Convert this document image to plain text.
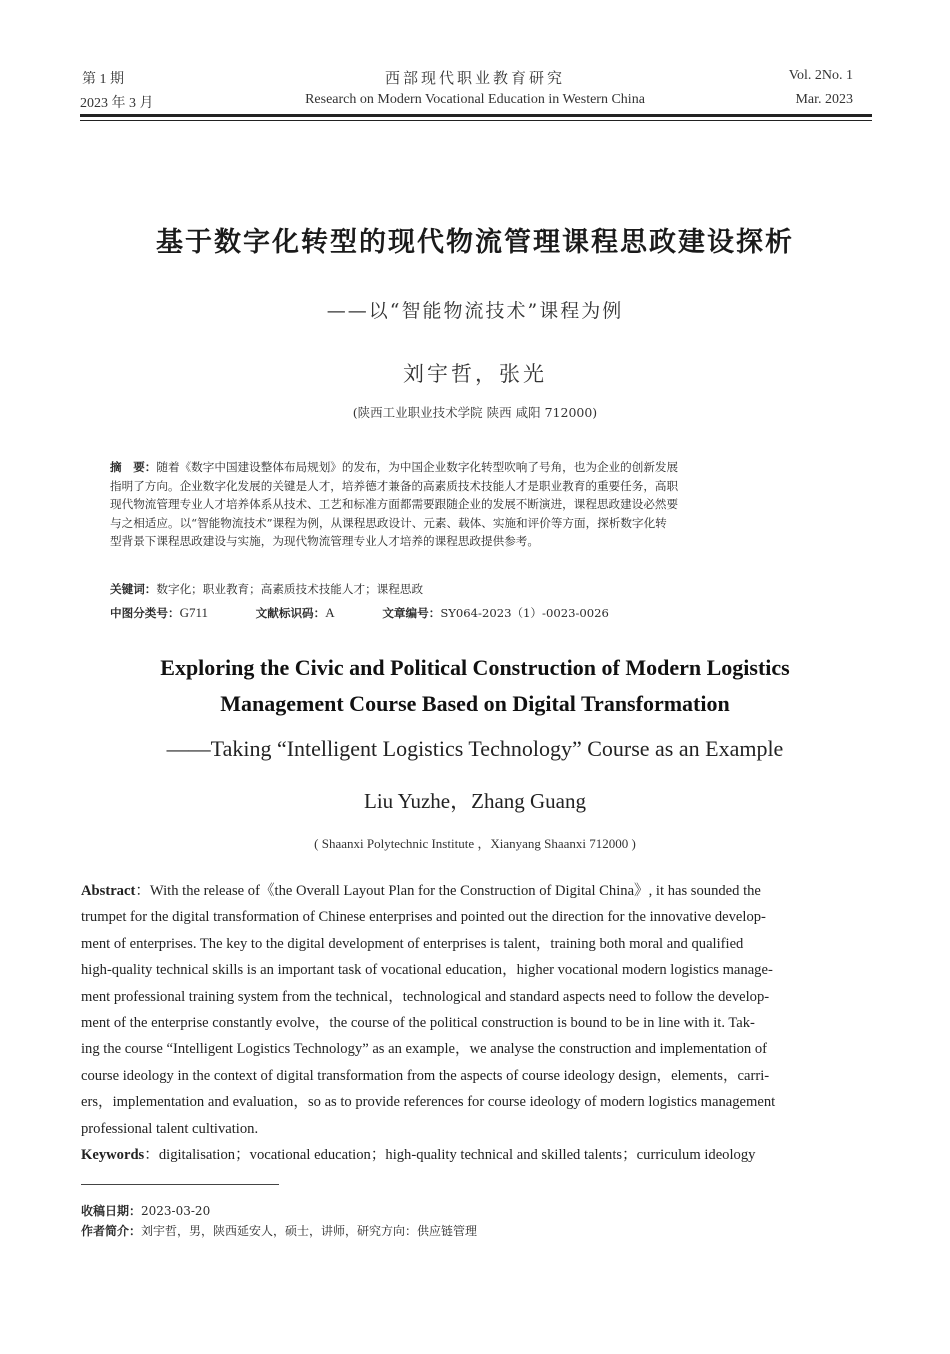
第 1 期
2023 年 3 月
西部现代职业教育研究
Research on Modern Vocational Education in Western China
Vol. 2No. 1
Mar. 2023
基于数字化转型的现代物流管理课程思政建设探析
——以“智能物流技术”课程为例
刘宇哲，张光
(陕西工业职业技术学院 陕西 咸阳 712000)
摘　要：随着《数字中国建设整体布局规划》的发布，为中国企业数字化转型吹响了号角，也为企业的创新发展
指明了方向。企业数字化发展的关键是人才，培养德才兼备的高素质技术技能人才是职业教育的重要任务，高职
现代物流管理专业人才培养体系从技术、工艺和标准方面都需要跟随企业的发展不断演进，课程思政建设必然要
与之相适应。以“智能物流技术”课程为例，从课程思政设计、元素、载体、实施和评价等方面，探析数字化转
型背景下课程思政建设与实施，为现代物流管理专业人才培养的课程思政提供参考。
关键词：数字化；职业教育；高素质技术技能人才；课程思政
中图分类号：G711	文献标识码：A	文章编号：SY064-2023（1）-0023-0026
Exploring the Civic and Political Construction of Modern Logistics
Management Course Based on Digital Transformation
——Taking “Intelligent Logistics Technology” Course as an Example
Liu Yuzhe，Zhang Guang
( Shaanxi Polytechnic Institute ，Xianyang Shaanxi 712000 )
Abstract：With the release of《the Overall Layout Plan for the Construction of Digital China》, it has sounded the
trumpet for the digital transformation of Chinese enterprises and pointed out the direction for the innovative develop-
ment of enterprises. The key to the digital development of enterprises is talent，training both moral and qualified
high-quality technical skills is an important task of vocational education，higher vocational modern logistics manage-
ment professional training system from the technical，technological and standard aspects need to follow the develop-
ment of the enterprise constantly evolve，the course of the political construction is bound to be in line with it. Tak-
ing the course “Intelligent Logistics Technology” as an example，we analyse the construction and implementation of
course ideology in the context of digital transformation from the aspects of course ideology design，elements，carri-
ers，implementation and evaluation，so as to provide references for course ideology of modern logistics management
professional talent cultivation.
Keywords：digitalisation；vocational education；high-quality technical and skilled talents；curriculum ideology
收稿日期：2023-03-20
作者简介：刘宇哲，男，陕西延安人，硕士，讲师，研究方向：供应链管理
